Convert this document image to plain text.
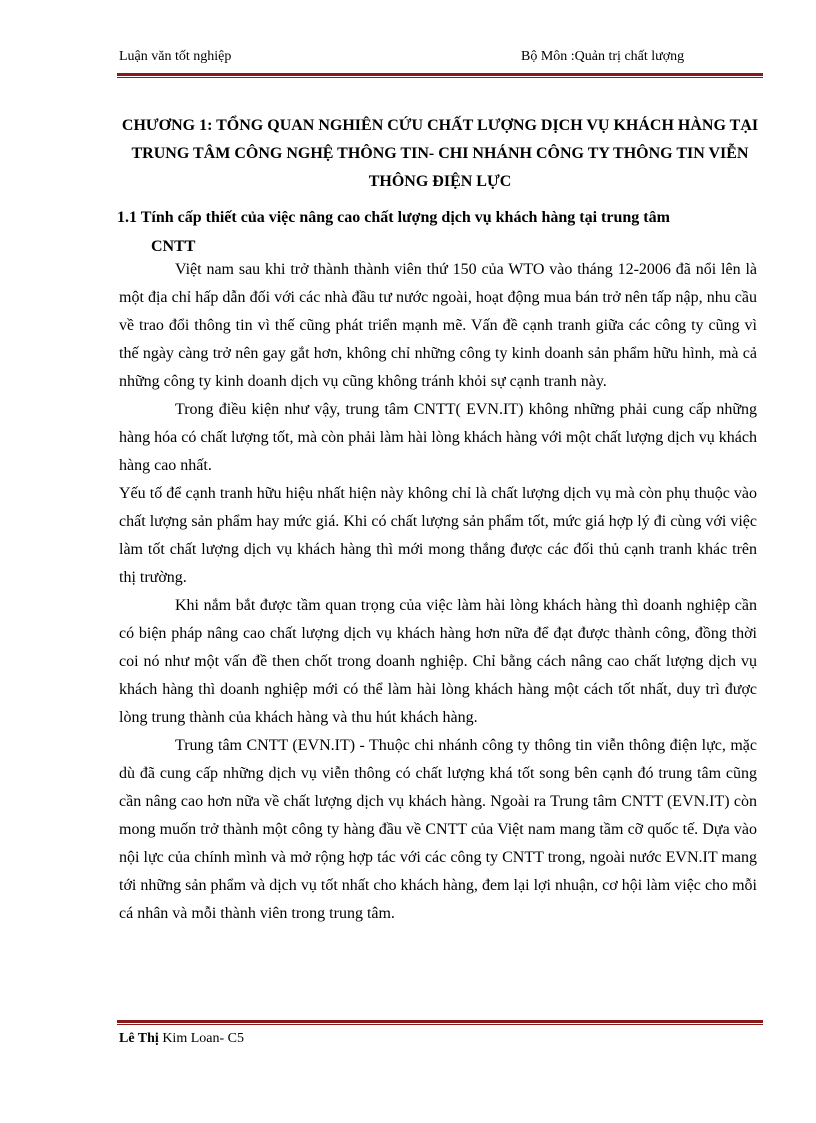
Luận văn tốt nghiệp	Bộ Môn :Quản trị chất lượng
CHƯƠNG 1: TỔNG QUAN NGHIÊN CỨU CHẤT LƯỢNG DỊCH VỤ KHÁCH HÀNG TẠI TRUNG TÂM CÔNG NGHỆ THÔNG TIN- CHI NHÁNH CÔNG TY THÔNG TIN VIỄN THÔNG ĐIỆN LỰC
1.1 Tính cấp thiết của việc nâng cao chất lượng dịch vụ khách hàng tại trung tâm
CNTT

Việt nam sau khi trở thành thành viên thứ 150 của WTO vào tháng 12-2006 đã nổi lên là một địa chỉ hấp dẫn đối với các nhà đầu tư nước ngoài, hoạt động mua bán trở nên tấp nập, nhu cầu về trao đổi thông tin vì thế cũng phát triển mạnh mẽ. Vấn đề cạnh tranh giữa các công ty cũng vì thế ngày càng trở nên gay gắt hơn, không chỉ những công ty kinh doanh sản phẩm hữu hình, mà cả những công ty kinh doanh dịch vụ cũng không tránh khỏi sự cạnh tranh này.

Trong điều kiện như vậy, trung tâm CNTT( EVN.IT) không những phải cung cấp những hàng hóa có chất lượng tốt, mà còn phải làm hài lòng khách hàng với một chất lượng dịch vụ khách hàng cao nhất.

Yếu tố để cạnh tranh hữu hiệu nhất hiện này không chỉ là chất lượng dịch vụ mà còn phụ thuộc vào chất lượng sản phẩm hay mức giá. Khi có chất lượng sản phẩm tốt, mức giá hợp lý đi cùng với việc làm tốt chất lượng dịch vụ khách hàng thì mới mong thắng được các đối thủ cạnh tranh khác trên thị trường.

Khi nắm bắt được tầm quan trọng của việc làm hài lòng khách hàng thì doanh nghiệp cần có biện pháp nâng cao chất lượng dịch vụ khách hàng hơn nữa để đạt được thành công, đồng thời coi nó như một vấn đề then chốt trong doanh nghiệp. Chỉ bằng cách nâng cao chất lượng dịch vụ khách hàng thì doanh nghiệp mới có thể làm hài lòng khách hàng một cách tốt nhất, duy trì được lòng trung thành của khách hàng và thu hút khách hàng.

Trung tâm CNTT (EVN.IT) - Thuộc chi nhánh công ty thông tin viễn thông điện lực, mặc dù đã cung cấp những dịch vụ viễn thông có chất lượng khá tốt song bên cạnh đó trung tâm cũng cần nâng cao hơn nữa về chất lượng dịch vụ khách hàng. Ngoài ra Trung tâm CNTT (EVN.IT) còn mong muốn trở thành một công ty hàng đầu về CNTT của Việt nam mang tầm cỡ quốc tế. Dựa vào nội lực của chính mình và mở rộng hợp tác với các công ty CNTT trong, ngoài nước EVN.IT mang tới những sản phẩm và dịch vụ tốt nhất cho khách hàng, đem lại lợi nhuận, cơ hội làm việc cho mỗi cá nhân và mỗi thành viên trong trung tâm.

Lê Thị Kim Loan- C5
